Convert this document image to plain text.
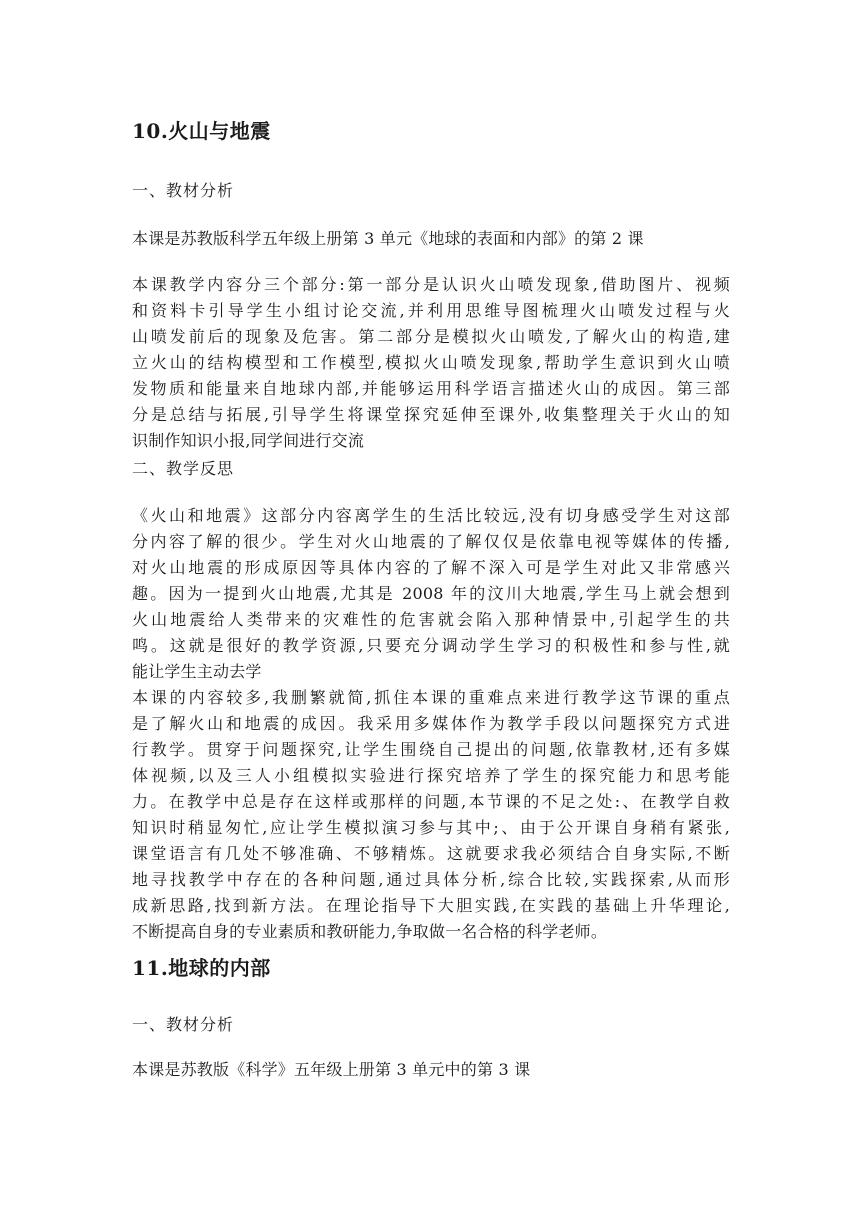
10.火山与地震
一、教材分析
本课是苏教版科学五年级上册第 3 单元《地球的表面和内部》的第 2 课
本课教学内容分三个部分:第一部分是认识火山喷发现象,借助图片、视频
和资料卡引导学生小组讨论交流,并利用思维导图梳理火山喷发过程与火
山喷发前后的现象及危害。第二部分是模拟火山喷发,了解火山的构造,建
立火山的结构模型和工作模型,模拟火山喷发现象,帮助学生意识到火山喷
发物质和能量来自地球内部,并能够运用科学语言描述火山的成因。第三部
分是总结与拓展,引导学生将课堂探究延伸至课外,收集整理关于火山的知
识制作知识小报,同学间进行交流
二、教学反思
《火山和地震》这部分内容离学生的生活比较远,没有切身感受学生对这部
分内容了解的很少。学生对火山地震的了解仅仅是依靠电视等媒体的传播,
对火山地震的形成原因等具体内容的了解不深入可是学生对此又非常感兴
趣。因为一提到火山地震,尤其是 2008 年的汶川大地震,学生马上就会想到
火山地震给人类带来的灾难性的危害就会陷入那种情景中,引起学生的共
鸣。这就是很好的教学资源,只要充分调动学生学习的积极性和参与性,就
能让学生主动去学
本课的内容较多,我删繁就简,抓住本课的重难点来进行教学这节课的重点
是了解火山和地震的成因。我采用多媒体作为教学手段以问题探究方式进
行教学。贯穿于问题探究,让学生围绕自己提出的问题,依靠教材,还有多媒
体视频,以及三人小组模拟实验进行探究培养了学生的探究能力和思考能
力。在教学中总是存在这样或那样的问题,本节课的不足之处:、在教学自救
知识时稍显匆忙,应让学生模拟演习参与其中;、由于公开课自身稍有紧张,
课堂语言有几处不够准确、不够精炼。这就要求我必须结合自身实际,不断
地寻找教学中存在的各种问题,通过具体分析,综合比较,实践探索,从而形
成新思路,找到新方法。在理论指导下大胆实践,在实践的基础上升华理论,
不断提高自身的专业素质和教研能力,争取做一名合格的科学老师。
11.地球的内部
一、教材分析
本课是苏教版《科学》五年级上册第 3 单元中的第 3 课
